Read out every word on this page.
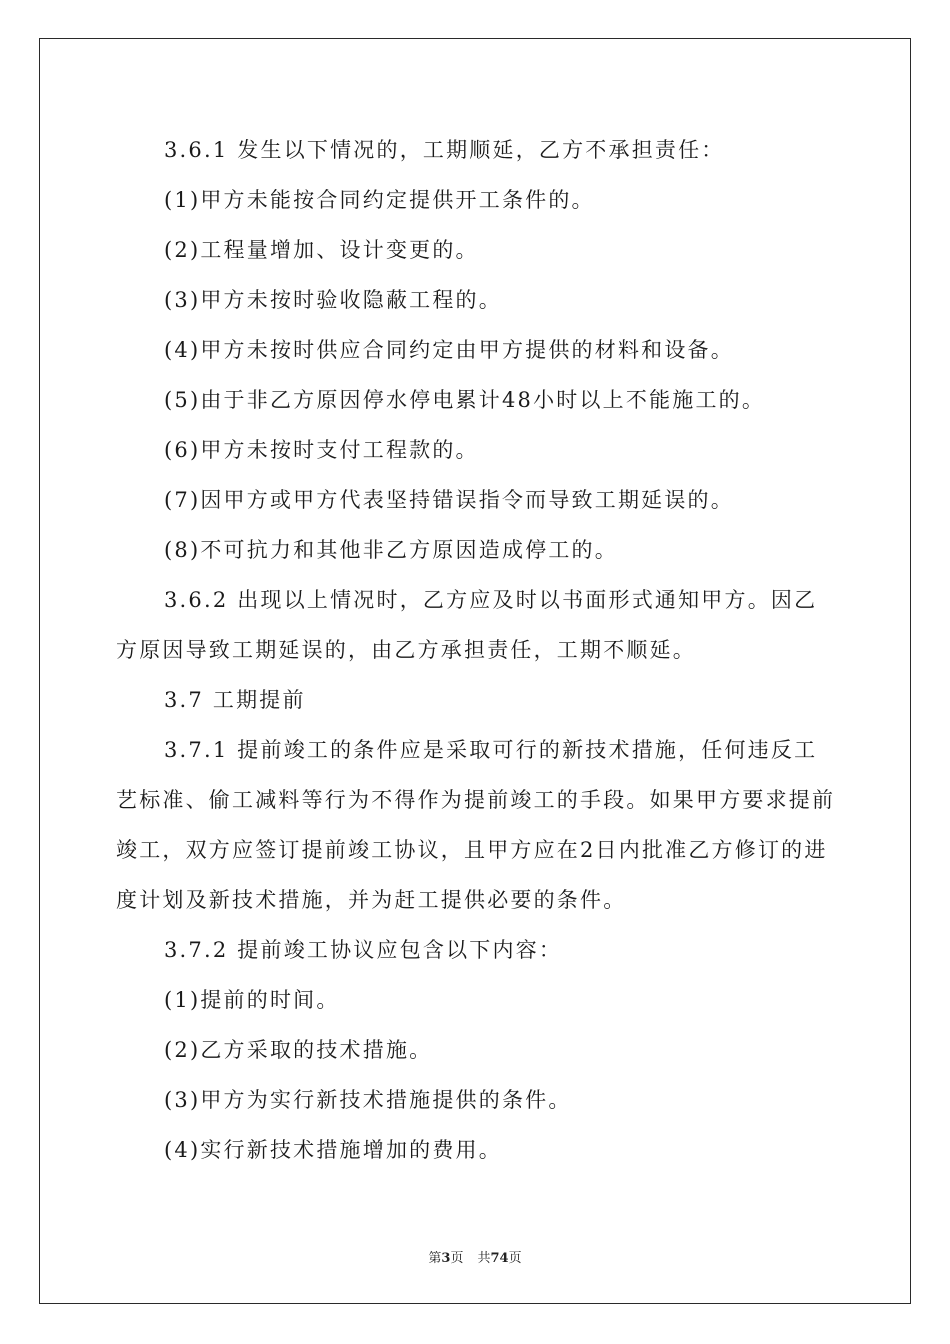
3.6.1 发生以下情况的，工期顺延，乙方不承担责任：

(1)甲方未能按合同约定提供开工条件的。

(2)工程量增加、设计变更的。

(3)甲方未按时验收隐蔽工程的。

(4)甲方未按时供应合同约定由甲方提供的材料和设备。

(5)由于非乙方原因停水停电累计48小时以上不能施工的。

(6)甲方未按时支付工程款的。

(7)因甲方或甲方代表坚持错误指令而导致工期延误的。

(8)不可抗力和其他非乙方原因造成停工的。

3.6.2 出现以上情况时，乙方应及时以书面形式通知甲方。因乙方原因导致工期延误的，由乙方承担责任，工期不顺延。

3.7 工期提前

3.7.1 提前竣工的条件应是采取可行的新技术措施，任何违反工艺标准、偷工减料等行为不得作为提前竣工的手段。如果甲方要求提前竣工，双方应签订提前竣工协议，且甲方应在2日内批准乙方修订的进度计划及新技术措施，并为赶工提供必要的条件。

3.7.2 提前竣工协议应包含以下内容：

(1)提前的时间。

(2)乙方采取的技术措施。

(3)甲方为实行新技术措施提供的条件。

(4)实行新技术措施增加的费用。

第3页 共74页
